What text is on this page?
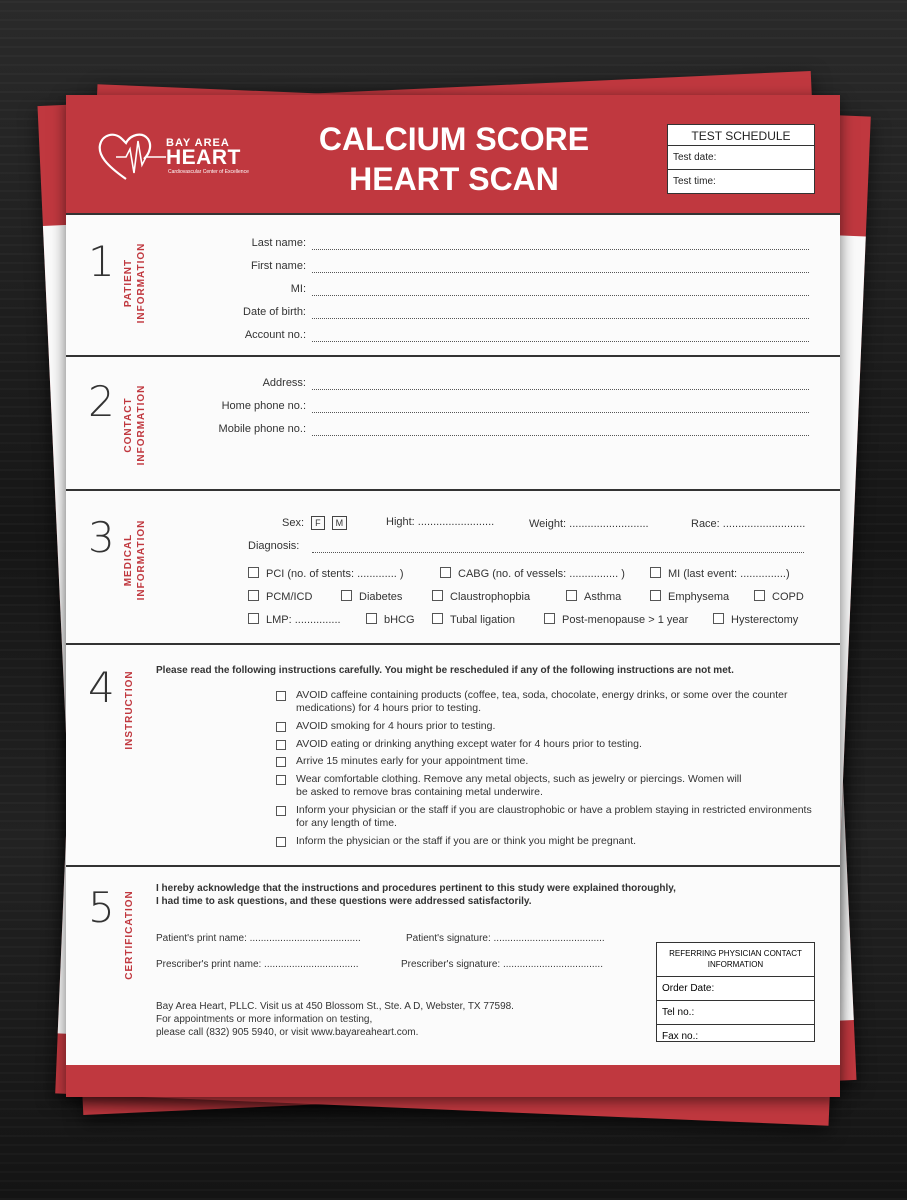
BAY AREA
HEART
Cardiovascular Center of Excellence
CALCIUM SCORE
HEART SCAN
TEST SCHEDULE
Test date:
Test time:
1 PATIENT INFORMATION	Last name:
First name:
MI:
Date of birth:
Account no.:
2 CONTACT INFORMATION
Address:
Home phone no.:
Mobile phone no.:
3 MEDICAL INFORMATION	Sex: F M	Hight: .........................	Weight: ..........................	Race: ...........................
Diagnosis:
PCI (no. of stents: ............. )	CABG (no. of vessels: ................ )	MI (last event: ...............)
PCM/ICD	Diabetes	Claustrophopbia	Asthma	Emphysema	COPD
LMP: ...............	bHCG	Tubal ligation	Post-menopause > 1 year	Hysterectomy
4 INSTRUCTION Please read the following instructions carefully. You might be rescheduled if any of the following instructions are not met.
AVOID caffeine containing products (coffee, tea, soda, chocolate, energy drinks, or some over the counter medications) for 4 hours prior to testing.
AVOID smoking for 4 hours prior to testing.
AVOID eating or drinking anything except water for 4 hours prior to testing.
Arrive 15 minutes early for your appointment time.
Wear comfortable clothing. Remove any metal objects, such as jewelry or piercings. Women will be asked to remove bras containing metal underwire.
Inform your physician or the staff if you are claustrophobic or have a problem staying in restricted environments for any length of time.
Inform the physician or the staff if you are or think you might be pregnant.
5 CERTIFICATION
I hereby acknowledge that the instructions and procedures pertinent to this study were explained thoroughly,
I had time to ask questions, and these questions were addressed satisfactorily.
Patient's print name: ........................................	Patient's signature: ........................................
Prescriber's print name: ..................................	Prescriber's signature: ....................................
Bay Area Heart, PLLC. Visit us at 450 Blossom St., Ste. A D, Webster, TX 77598.
For appointments or more information on testing,
please call (832) 905 5940, or visit www.bayareaheart.com.
REFERRING PHYSICIAN CONTACT INFORMATION
Order Date:
Tel no.:
Fax no.:
